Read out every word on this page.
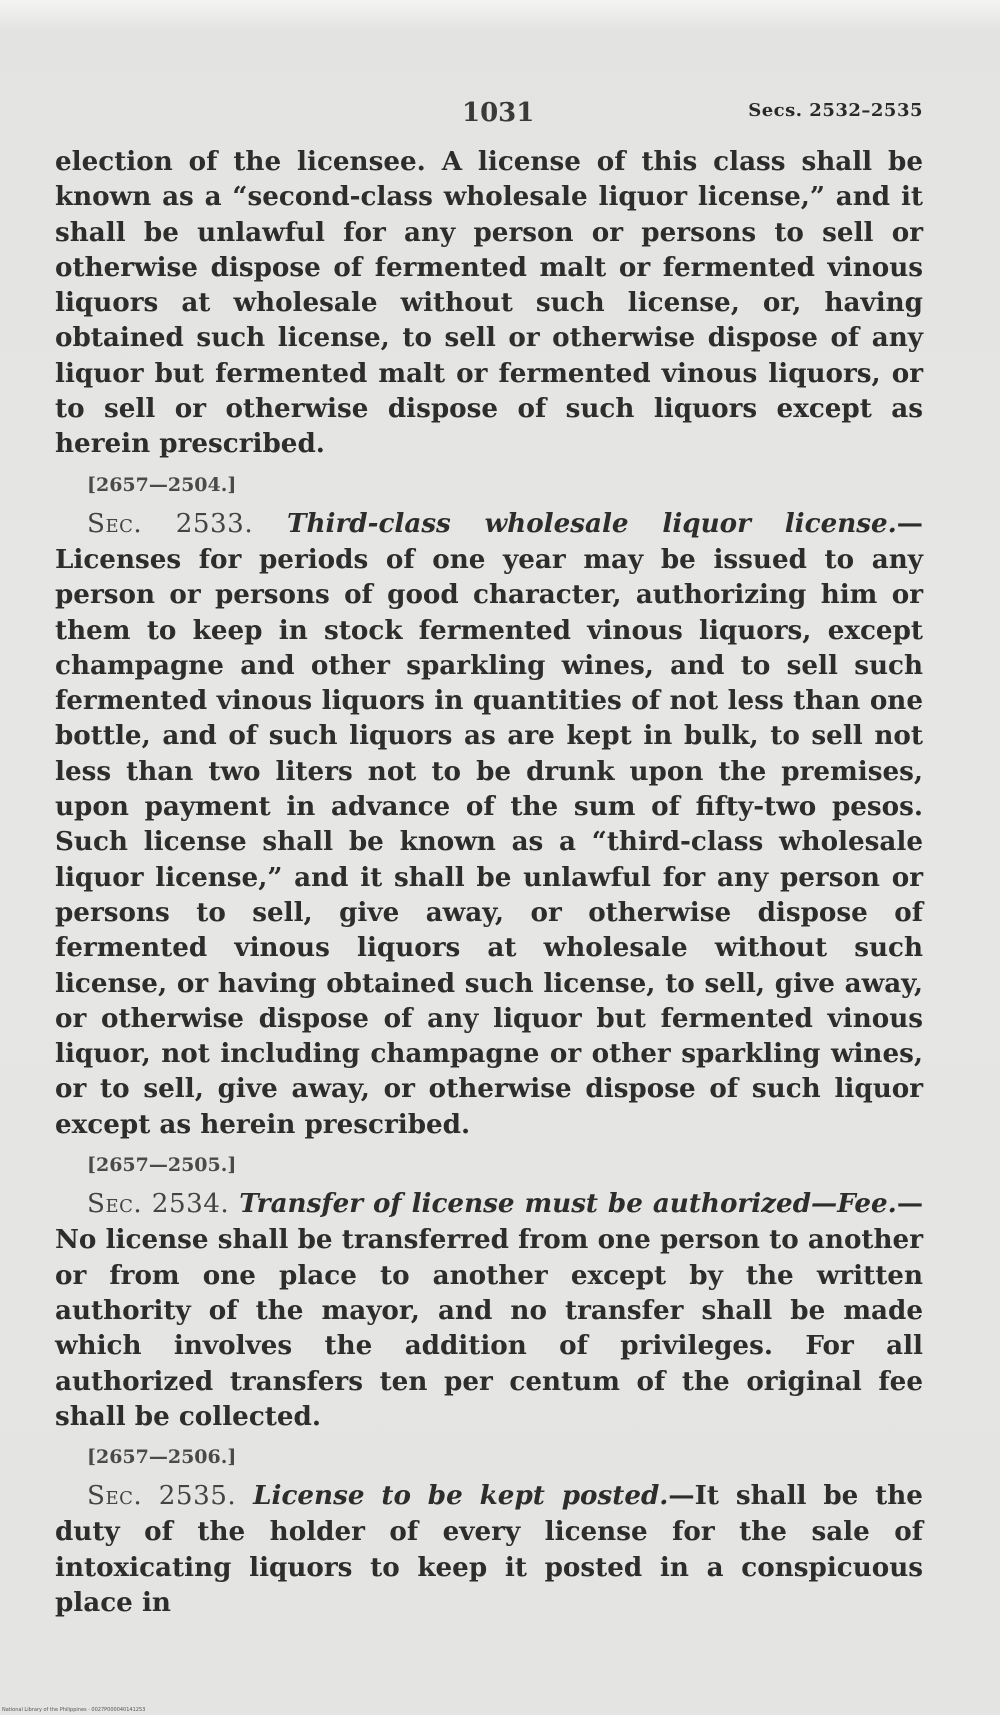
1031	Secs. 2532–2535

election of the licensee. A license of this class shall be known as a “second-class wholesale liquor license,” and it shall be unlawful for any person or persons to sell or otherwise dispose of fermented malt or fermented vinous liquors at wholesale without such license, or, having obtained such license, to sell or otherwise dispose of any liquor but fermented malt or fermented vinous liquors, or to sell or otherwise dispose of such liquors except as herein prescribed.

[2657—2504.]

Sec. 2533. Third-class wholesale liquor license.—Licenses for periods of one year may be issued to any person or persons of good character, authorizing him or them to keep in stock fermented vinous liquors, except champagne and other sparkling wines, and to sell such fermented vinous liquors in quantities of not less than one bottle, and of such liquors as are kept in bulk, to sell not less than two liters not to be drunk upon the premises, upon payment in advance of the sum of fifty-two pesos. Such license shall be known as a “third-class wholesale liquor license,” and it shall be unlawful for any person or persons to sell, give away, or otherwise dispose of fermented vinous liquors at wholesale without such license, or having obtained such license, to sell, give away, or otherwise dispose of any liquor but fermented vinous liquor, not including champagne or other sparkling wines, or to sell, give away, or otherwise dispose of such liquor except as herein prescribed.

[2657—2505.]

Sec. 2534. Transfer of license must be authorized—Fee.—No license shall be transferred from one person to another or from one place to another except by the written authority of the mayor, and no transfer shall be made which involves the addition of privileges. For all authorized transfers ten per centum of the original fee shall be collected.

[2657—2506.]

Sec. 2535. License to be kept posted.—It shall be the duty of the holder of every license for the sale of intoxicating liquors to keep it posted in a conspicuous place in

National Library of the Philippines · 0027P000040141253
